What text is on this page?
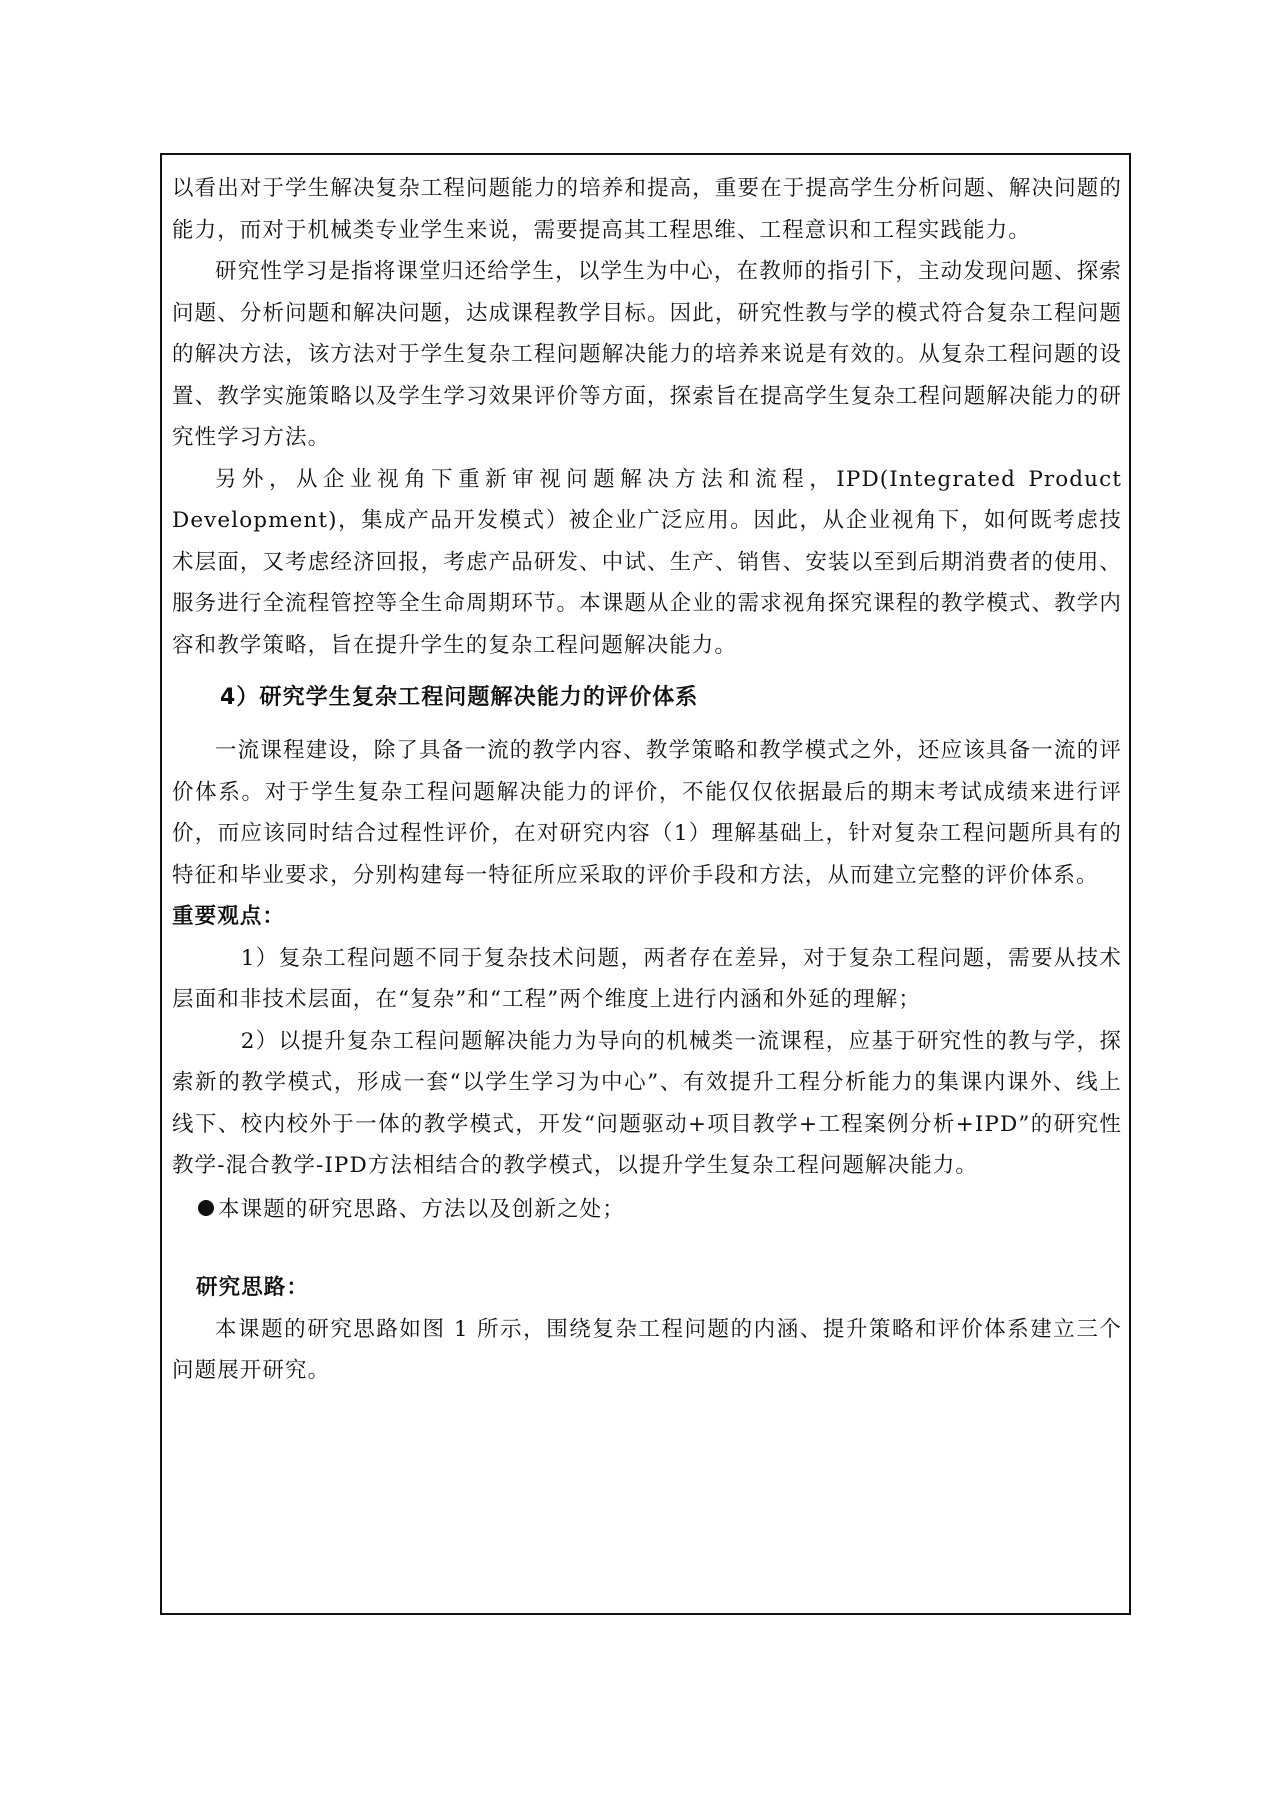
以看出对于学生解决复杂工程问题能力的培养和提高，重要在于提高学生分析问题、解决问题的能力，而对于机械类专业学生来说，需要提高其工程思维、工程意识和工程实践能力。

研究性学习是指将课堂归还给学生，以学生为中心，在教师的指引下，主动发现问题、探索问题、分析问题和解决问题，达成课程教学目标。因此，研究性教与学的模式符合复杂工程问题的解决方法，该方法对于学生复杂工程问题解决能力的培养来说是有效的。从复杂工程问题的设置、教学实施策略以及学生学习效果评价等方面，探索旨在提高学生复杂工程问题解决能力的研究性学习方法。

另外，从企业视角下重新审视问题解决方法和流程，IPD(Integrated Product Development)，集成产品开发模式）被企业广泛应用。因此，从企业视角下，如何既考虑技术层面，又考虑经济回报，考虑产品研发、中试、生产、销售、安装以至到后期消费者的使用、服务进行全流程管控等全生命周期环节。本课题从企业的需求视角探究课程的教学模式、教学内容和教学策略，旨在提升学生的复杂工程问题解决能力。

4）研究学生复杂工程问题解决能力的评价体系

一流课程建设，除了具备一流的教学内容、教学策略和教学模式之外，还应该具备一流的评价体系。对于学生复杂工程问题解决能力的评价，不能仅仅依据最后的期末考试成绩来进行评价，而应该同时结合过程性评价，在对研究内容（1）理解基础上，针对复杂工程问题所具有的特征和毕业要求，分别构建每一特征所应采取的评价手段和方法，从而建立完整的评价体系。

重要观点：

1）复杂工程问题不同于复杂技术问题，两者存在差异，对于复杂工程问题，需要从技术层面和非技术层面，在“复杂”和“工程”两个维度上进行内涵和外延的理解；

2）以提升复杂工程问题解决能力为导向的机械类一流课程，应基于研究性的教与学，探索新的教学模式，形成一套“以学生学习为中心”、有效提升工程分析能力的集课内课外、线上线下、校内校外于一体的教学模式，开发“问题驱动+项目教学+工程案例分析+IPD”的研究性教学-混合教学-IPD方法相结合的教学模式，以提升学生复杂工程问题解决能力。

本课题的研究思路、方法以及创新之处；

研究思路：

本课题的研究思路如图 1 所示，围绕复杂工程问题的内涵、提升策略和评价体系建立三个问题展开研究。
